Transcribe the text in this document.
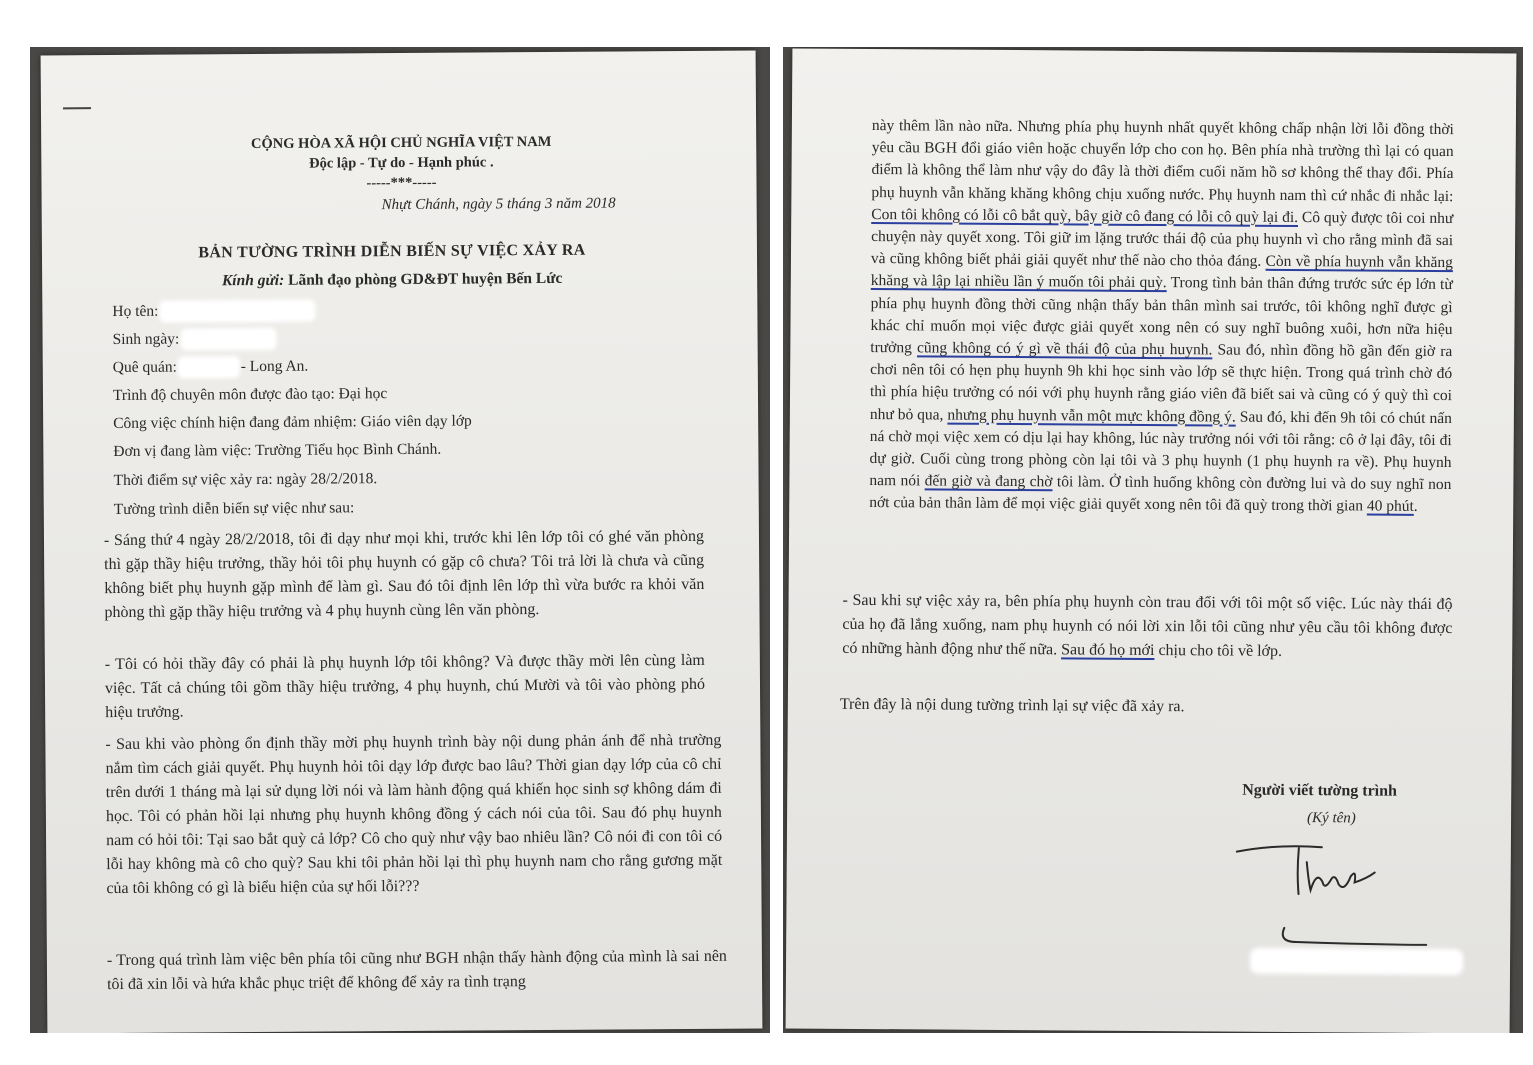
CỘNG HÒA XÃ HỘI CHỦ NGHĨA VIỆT NAM
Độc lập - Tự do - Hạnh phúc .
-----***-----
Nhựt Chánh, ngày 5 tháng 3 năm 2018
BẢN TƯỜNG TRÌNH DIỄN BIẾN SỰ VIỆC XẢY RA
Kính gửi: Lãnh đạo phòng GD&ĐT huyện Bến Lức
Họ tên:
Sinh ngày:
Quê quán:	- Long An.
Trình độ chuyên môn được đào tạo: Đại học
Công việc chính hiện đang đảm nhiệm: Giáo viên dạy lớp
Đơn vị đang làm việc: Trường Tiểu học Bình Chánh.
Thời điểm sự việc xảy ra: ngày 28/2/2018.
Tường trình diễn biến sự việc như sau:
- Sáng thứ 4 ngày 28/2/2018, tôi đi dạy như mọi khi, trước khi lên lớp tôi có ghé văn phòng thì gặp thầy hiệu trưởng, thầy hỏi tôi phụ huynh có gặp cô chưa? Tôi trả lời là chưa và cũng không biết phụ huynh gặp mình để làm gì. Sau đó tôi định lên lớp thì vừa bước ra khỏi văn phòng thì gặp thầy hiệu trưởng và 4 phụ huynh cùng lên văn phòng.
- Tôi có hỏi thầy đây có phải là phụ huynh lớp tôi không? Và được thầy mời lên cùng làm việc. Tất cả chúng tôi gồm thầy hiệu trưởng, 4 phụ huynh, chú Mười và tôi vào phòng phó hiệu trưởng.
- Sau khi vào phòng ổn định thầy mời phụ huynh trình bày nội dung phản ánh để nhà trường nắm tìm cách giải quyết. Phụ huynh hỏi tôi dạy lớp được bao lâu? Thời gian dạy lớp của cô chỉ trên dưới 1 tháng mà lại sử dụng lời nói và làm hành động quá khiến học sinh sợ không dám đi học. Tôi có phản hồi lại nhưng phụ huynh không đồng ý cách nói của tôi. Sau đó phụ huynh nam có hỏi tôi: Tại sao bắt quỳ cả lớp? Cô cho quỳ như vậy bao nhiêu lần? Cô nói đi con tôi có lỗi hay không mà cô cho quỳ? Sau khi tôi phản hồi lại thì phụ huynh nam cho rằng gương mặt của tôi không có gì là biểu hiện của sự hối lỗi???
- Trong quá trình làm việc bên phía tôi cũng như BGH nhận thấy hành động của mình là sai nên tôi đã xin lỗi và hứa khắc phục triệt để không để xảy ra tình trạng
này thêm lần nào nữa. Nhưng phía phụ huynh nhất quyết không chấp nhận lời lỗi đồng thời yêu cầu BGH đổi giáo viên hoặc chuyển lớp cho con họ. Bên phía nhà trường thì lại có quan điểm là không thể làm như vậy do đây là thời điểm cuối năm hồ sơ không thể thay đổi. Phía phụ huynh vẫn khăng khăng không chịu xuống nước. Phụ huynh nam thì cứ nhắc đi nhắc lại: Con tôi không có lỗi cô bắt quỳ, bây giờ cô đang có lỗi cô quỳ lại đi. Cô quỳ được tôi coi như chuyện này quyết xong. Tôi giữ im lặng trước thái độ của phụ huynh vì cho rằng mình đã sai và cũng không biết phải giải quyết như thế nào cho thỏa đáng. Còn về phía huynh vẫn khăng khăng và lập lại nhiều lần ý muốn tôi phải quỳ. Trong tình bản thân đứng trước sức ép lớn từ phía phụ huynh đồng thời cũng nhận thấy bản thân mình sai trước, tôi không nghĩ được gì khác chỉ muốn mọi việc được giải quyết xong nên có suy nghĩ buông xuôi, hơn nữa hiệu trưởng cũng không có ý gì về thái độ của phụ huynh. Sau đó, nhìn đồng hồ gần đến giờ ra chơi nên tôi có hẹn phụ huynh 9h khi học sinh vào lớp sẽ thực hiện. Trong quá trình chờ đó thì phía hiệu trưởng có nói với phụ huynh rằng giáo viên đã biết sai và cũng có ý quỳ thì coi như bỏ qua, nhưng phụ huynh vẫn một mực không đồng ý. Sau đó, khi đến 9h tôi có chút nấn ná chờ mọi việc xem có dịu lại hay không, lúc này trưởng nói với tôi rằng: cô ở lại đây, tôi đi dự giờ. Cuối cùng trong phòng còn lại tôi và 3 phụ huynh (1 phụ huynh ra về). Phụ huynh nam nói đến giờ và đang chờ tôi làm. Ở tình huống không còn đường lui và do suy nghĩ non nớt của bản thân làm để mọi việc giải quyết xong nên tôi đã quỳ trong thời gian 40 phút.
- Sau khi sự việc xảy ra, bên phía phụ huynh còn trau đổi với tôi một số việc. Lúc này thái độ của họ đã lắng xuống, nam phụ huynh có nói lời xin lỗi tôi cũng như yêu cầu tôi không được có những hành động như thế nữa. Sau đó họ mới chịu cho tôi về lớp.
Trên đây là nội dung tường trình lại sự việc đã xảy ra.
Người viết tường trình
(Ký tên)
